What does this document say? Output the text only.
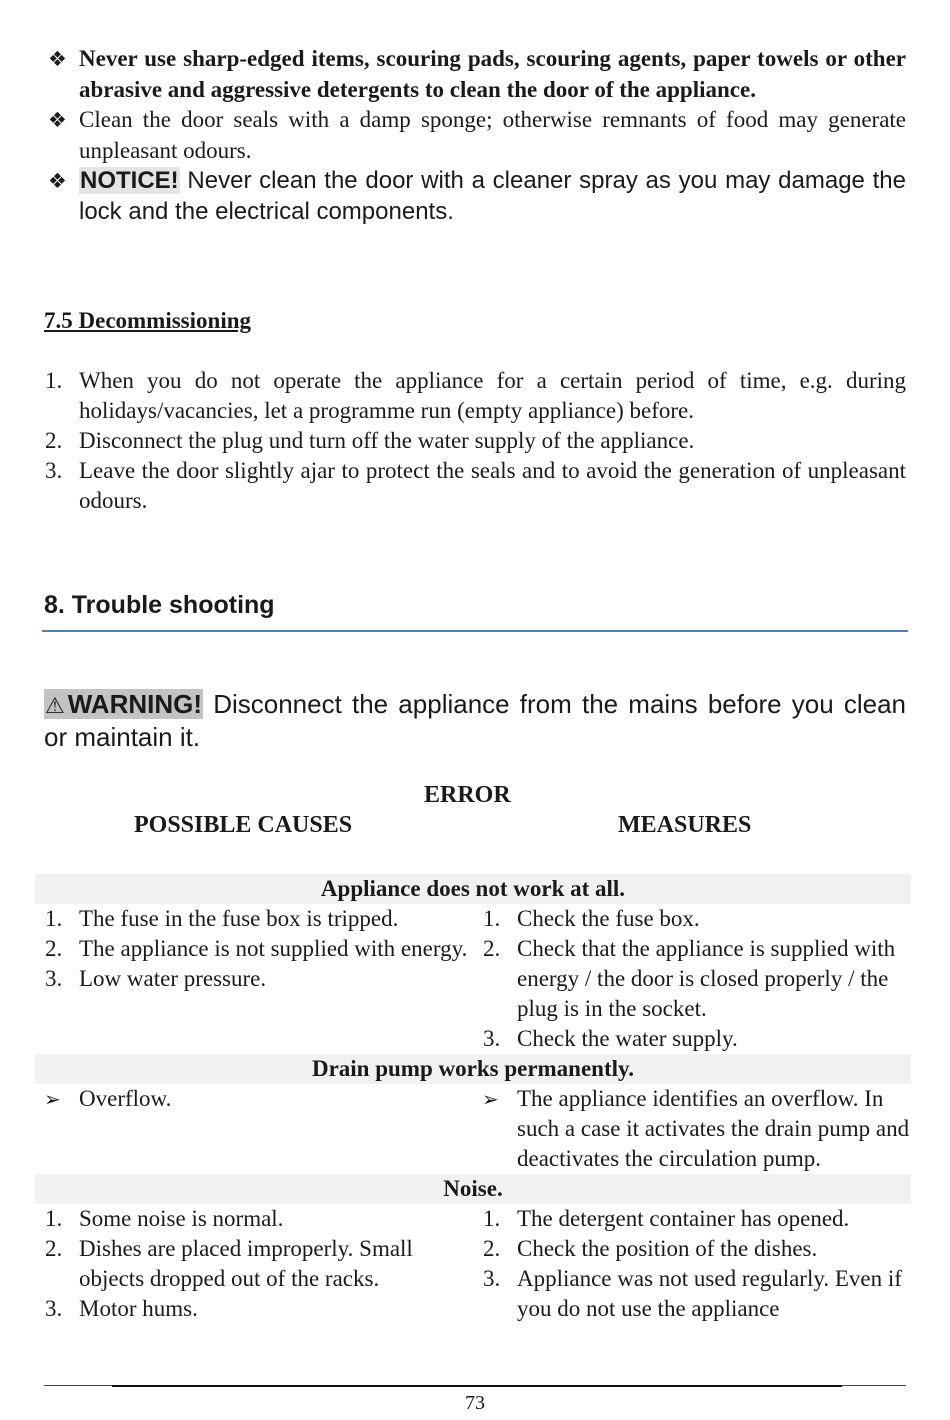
❖ Never use sharp-edged items, scouring pads, scouring agents, paper towels or other abrasive and aggressive detergents to clean the door of the appliance.
❖ Clean the door seals with a damp sponge; otherwise remnants of food may generate unpleasant odours.
❖ NOTICE! Never clean the door with a cleaner spray as you may damage the lock and the electrical components.
7.5 Decommissioning
1. When you do not operate the appliance for a certain period of time, e.g. during holidays/vacancies, let a programme run (empty appliance) before.
2. Disconnect the plug und turn off the water supply of the appliance.
3. Leave the door slightly ajar to protect the seals and to avoid the generation of unpleasant odours.
8. Trouble shooting
⚠WARNING! Disconnect the appliance from the mains before you clean or maintain it.
ERROR
POSSIBLE CAUSES	MEASURES
Appliance does not work at all.
1. The fuse in the fuse box is tripped.
2. The appliance is not supplied with energy.
3. Low water pressure.
1. Check the fuse box.
2. Check that the appliance is supplied with energy / the door is closed properly / the plug is in the socket.
3. Check the water supply.
Drain pump works permanently.
➢ Overflow.	➢ The appliance identifies an overflow. In such a case it activates the drain pump and deactivates the circulation pump.
Noise.
1. Some noise is normal.
2. Dishes are placed improperly. Small objects dropped out of the racks.
3. Motor hums.
1. The detergent container has opened.
2. Check the position of the dishes.
3. Appliance was not used regularly. Even if you do not use the appliance
73
